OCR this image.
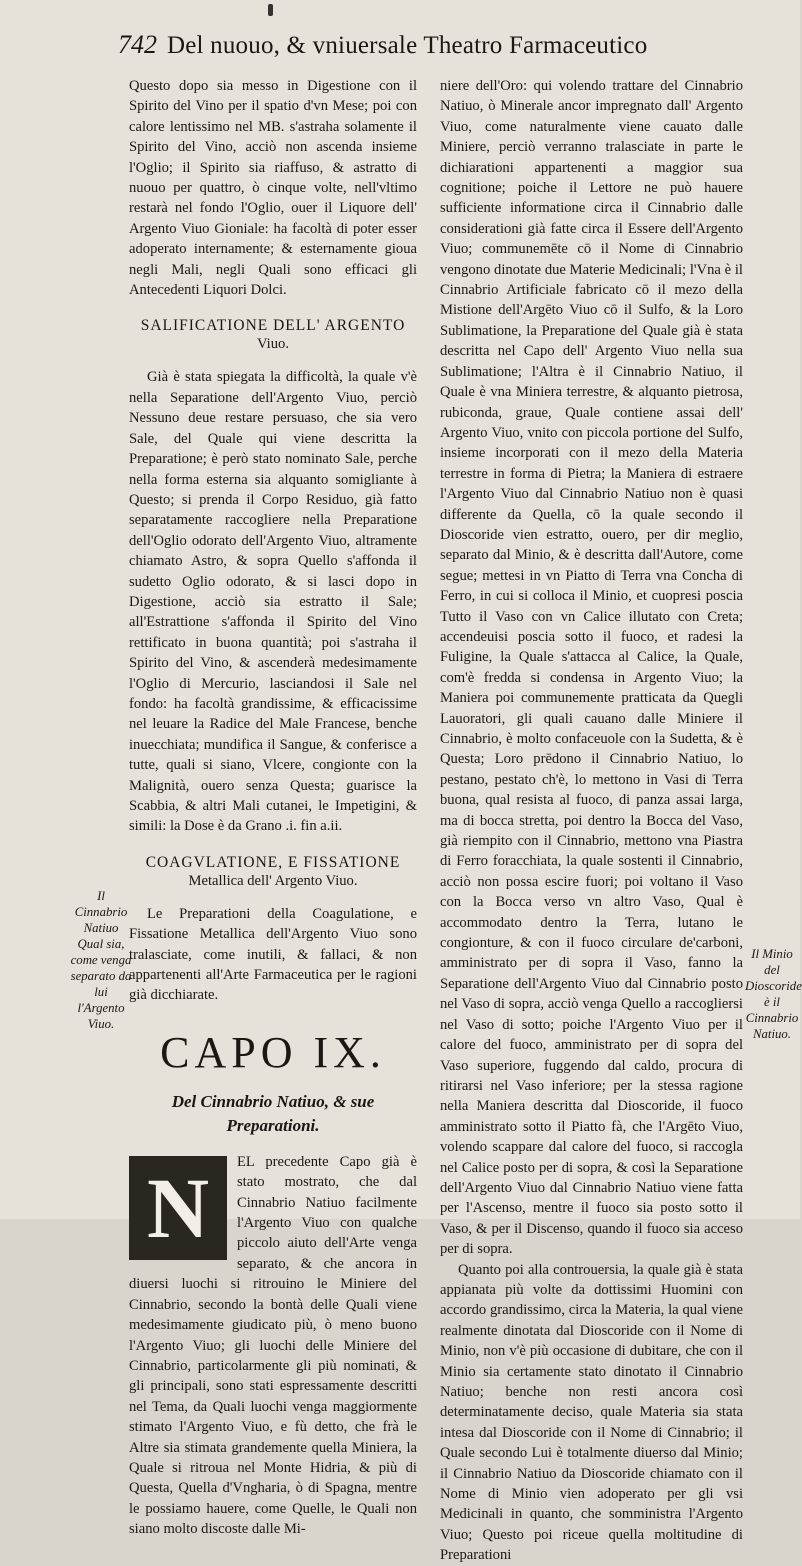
742 Del nuouo, & vniuersale Theatro Farmaceutico

Questo dopo sia messo in Digestione con il Spirito del Vino per il spatio d'vn Mese; poi con calore lentissimo nel MB. s'astraha solamente il Spirito del Vino, acciò non ascenda insieme l'Oglio; il Spirito sia riaffuso, & astratto di nuouo per quattro, ò cinque volte, nell'vltimo restarà nel fondo l'Oglio, ouer il Liquore dell' Argento Viuo Gioniale: ha facoltà di poter esser adoperato internamente; & esternamente gioua negli Mali, negli Quali sono efficaci gli Antecedenti Liquori Dolci.

SALIFICATIONE DELL' ARGENTO
Viuo.

Già è stata spiegata la difficoltà, la quale v'è nella Separatione dell'Argento Viuo, perciò Nessuno deue restare persuaso, che sia vero Sale, del Quale qui viene descritta la Preparatione; è però stato nominato Sale, perche nella forma esterna sia alquanto somigliante à Questo; si prenda il Corpo Residuo, già fatto separatamente raccogliere nella Preparatione dell'Oglio odorato dell'Argento Viuo, altramente chiamato Astro, & sopra Quello s'affonda il sudetto Oglio odorato, & si lasci dopo in Digestione, acciò sia estratto il Sale; all'Estrattione s'affonda il Spirito del Vino rettificato in buona quantità; poi s'astraha il Spirito del Vino, & ascenderà medesimamente l'Oglio di Mercurio, lasciandosi il Sale nel fondo: ha facoltà grandissime, & efficacissime nel leuare la Radice del Male Francese, benche inuecchiata; mundifica il Sangue, & conferisce a tutte, quali si siano, Vlcere, congionte con la Malignità, ouero senza Questa; guarisce la Scabbia, & altri Mali cutanei, le Impetigini, & simili: la Dose è da Grano .i. fin a.ii.

COAGVLATIONE, E FISSATIONE
Metallica dell' Argento Viuo.

Le Preparationi della Coagulatione, e Fissatione Metallica dell'Argento Viuo sono tralasciate, come inutili, & fallaci, & non appartenenti all'Arte Farmaceutica per le ragioni già dicchiarate.

CAPO IX.
Del Cinnabrio Natiuo, & sue Preparationi.
N	EL precedente Capo già è stato mostrato, che dal Cinnabrio Natiuo facilmente l'Argento Viuo con qualche piccolo aiuto dell'Arte venga separato, & che ancora in diuersi luochi si ritrouino le Miniere del Cinnabrio, secondo la bontà delle Quali viene medesimamente giudicato più, ò meno buono l'Argento Viuo; gli luochi delle Miniere del Cinnabrio, particolarmente gli più nominati, & gli principali, sono stati espressamente descritti nel Tema, da Quali luochi venga maggiormente stimato l'Argento Viuo, e fù detto, che frà le Altre sia stimata grandemente quella Miniera, la Quale si ritroua nel Monte Hidria, & più di Questa, Quella d'Vngharia, ò di Spagna, mentre le possiamo hauere, come Quelle, le Quali non siano molto discoste dalle Mi-

niere dell'Oro: qui volendo trattare del Cinnabrio Natiuo, ò Minerale ancor impregnato dall' Argento Viuo, come naturalmente viene cauato dalle Miniere, perciò verranno tralasciate in parte le dichiarationi appartenenti a maggior sua cognitione; poiche il Lettore ne può hauere sufficiente informatione circa il Cinnabrio dalle considerationi già fatte circa il Essere dell'Argento Viuo; communemēte cō il Nome di Cinnabrio vengono dinotate due Materie Medicinali; l'Vna è il Cinnabrio Artificiale fabricato cō il mezo della Mistione dell'Argēto Viuo cō il Sulfo, & la Loro Sublimatione, la Preparatione del Quale già è stata descritta nel Capo dell' Argento Viuo nella sua Sublimatione; l'Altra è il Cinnabrio Natiuo, il Quale è vna Miniera terrestre, & alquanto pietrosa, rubiconda, graue, Quale contiene assai dell' Argento Viuo, vnito con piccola portione del Sulfo, insieme incorporati con il mezo della Materia terrestre in forma di Pietra; la Maniera di estraere l'Argento Viuo dal Cinnabrio Natiuo non è quasi differente da Quella, cō la quale secondo il Dioscoride vien estratto, ouero, per dir meglio, separato dal Minio, & è descritta dall'Autore, come segue; mettesi in vn Piatto di Terra vna Concha di Ferro, in cui si colloca il Minio, et cuopresi poscia Tutto il Vaso con vn Calice illutato con Creta; accendeuisi poscia sotto il fuoco, et radesi la Fuligine, la Quale s'attacca al Calice, la Quale, com'è fredda si condensa in Argento Viuo; la Maniera poi communemente pratticata da Quegli Lauoratori, gli quali cauano dalle Miniere il Cinnabrio, è molto confaceuole con la Sudetta, & è Questa; Loro prēdono il Cinnabrio Natiuo, lo pestano, pestato ch'è, lo mettono in Vasi di Terra buona, qual resista al fuoco, di panza assai larga, ma di bocca stretta, poi dentro la Bocca del Vaso, già riempito con il Cinnabrio, mettono vna Piastra di Ferro foracchiata, la quale sostenti il Cinnabrio, acciò non possa escire fuori; poi voltano il Vaso con la Bocca verso vn altro Vaso, Qual è accommodato dentro la Terra, lutano le congionture, & con il fuoco circulare de'carboni, amministrato per di sopra il Vaso, fanno la Separatione dell'Argento Viuo dal Cinnabrio posto nel Vaso di sopra, acciò venga Quello a raccogliersi nel Vaso di sotto; poiche l'Argento Viuo per il calore del fuoco, amministrato per di sopra del Vaso superiore, fuggendo dal caldo, procura di ritirarsi nel Vaso inferiore; per la stessa ragione nella Maniera descritta dal Dioscoride, il fuoco amministrato sotto il Piatto fà, che l'Argēto Viuo, volendo scappare dal calore del fuoco, si raccogla nel Calice posto per di sopra, & così la Separatione dell'Argento Viuo dal Cinnabrio Natiuo viene fatta per l'Ascenso, mentre il fuoco sia posto sotto il Vaso, & per il Discenso, quando il fuoco sia acceso per di sopra.

Quanto poi alla controuersia, la quale già è stata appianata più volte da dottissimi Huomini con accordo grandissimo, circa la Materia, la qual viene realmente dinotata dal Dioscoride con il Nome di Minio, non v'è più occasione di dubitare, che con il Minio sia certamente stato dinotato il Cinnabrio Natiuo; benche non resti ancora così determinatamente deciso, quale Materia sia stata intesa dal Dioscoride con il Nome di Cinnabrio; il Quale secondo Lui è totalmente diuerso dal Minio; il Cinnabrio Natiuo da Dioscoride chiamato con il Nome di Minio vien adoperato per gli vsi Medicinali in quanto, che somministra l'Argento Viuo; Questo poi riceue quella moltitudine di Preparationi

Il Cinnabrio Natiuo Qual sia, come venga separato da lui l'Argento Viuo.
Il Minio del Dioscoride è il Cinnabrio Natiuo.
